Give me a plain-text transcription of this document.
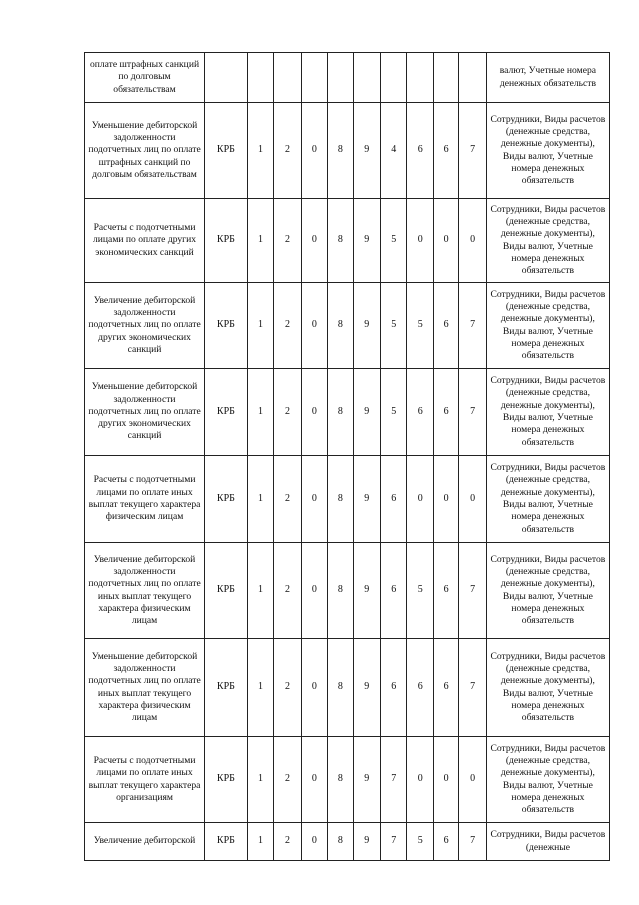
оплате штрафных санкций по долговым обязательствам											валют, Учетные номера денежных обязательств
Уменьшение дебиторской задолженности подотчетных лиц по оплате штрафных санкций по долговым обязательствам	КРБ	1	2	0	8	9	4	6	6	7	Сотрудники, Виды расчетов (денежные средства, денежные документы), Виды валют, Учетные номера денежных обязательств
Расчеты с подотчетными лицами по оплате других экономических санкций	КРБ	1	2	0	8	9	5	0	0	0	Сотрудники, Виды расчетов (денежные средства, денежные документы), Виды валют, Учетные номера денежных обязательств
Увеличение дебиторской задолженности подотчетных лиц по оплате других экономических санкций	КРБ	1	2	0	8	9	5	5	6	7	Сотрудники, Виды расчетов (денежные средства, денежные документы), Виды валют, Учетные номера денежных обязательств
Уменьшение дебиторской задолженности подотчетных лиц по оплате других экономических санкций	КРБ	1	2	0	8	9	5	6	6	7	Сотрудники, Виды расчетов (денежные средства, денежные документы), Виды валют, Учетные номера денежных обязательств
Расчеты с подотчетными лицами по оплате иных выплат текущего характера физическим лицам	КРБ	1	2	0	8	9	6	0	0	0	Сотрудники, Виды расчетов (денежные средства, денежные документы), Виды валют, Учетные номера денежных обязательств
Увеличение дебиторской задолженности подотчетных лиц по оплате иных выплат текущего характера физическим лицам	КРБ	1	2	0	8	9	6	5	6	7	Сотрудники, Виды расчетов (денежные средства, денежные документы), Виды валют, Учетные номера денежных обязательств
Уменьшение дебиторской задолженности подотчетных лиц по оплате иных выплат текущего характера физическим лицам	КРБ	1	2	0	8	9	6	6	6	7	Сотрудники, Виды расчетов (денежные средства, денежные документы), Виды валют, Учетные номера денежных обязательств
Расчеты с подотчетными лицами по оплате иных выплат текущего характера организациям	КРБ	1	2	0	8	9	7	0	0	0	Сотрудники, Виды расчетов (денежные средства, денежные документы), Виды валют, Учетные номера денежных обязательств
Увеличение дебиторской	КРБ	1	2	0	8	9	7	5	6	7	Сотрудники, Виды расчетов (денежные
